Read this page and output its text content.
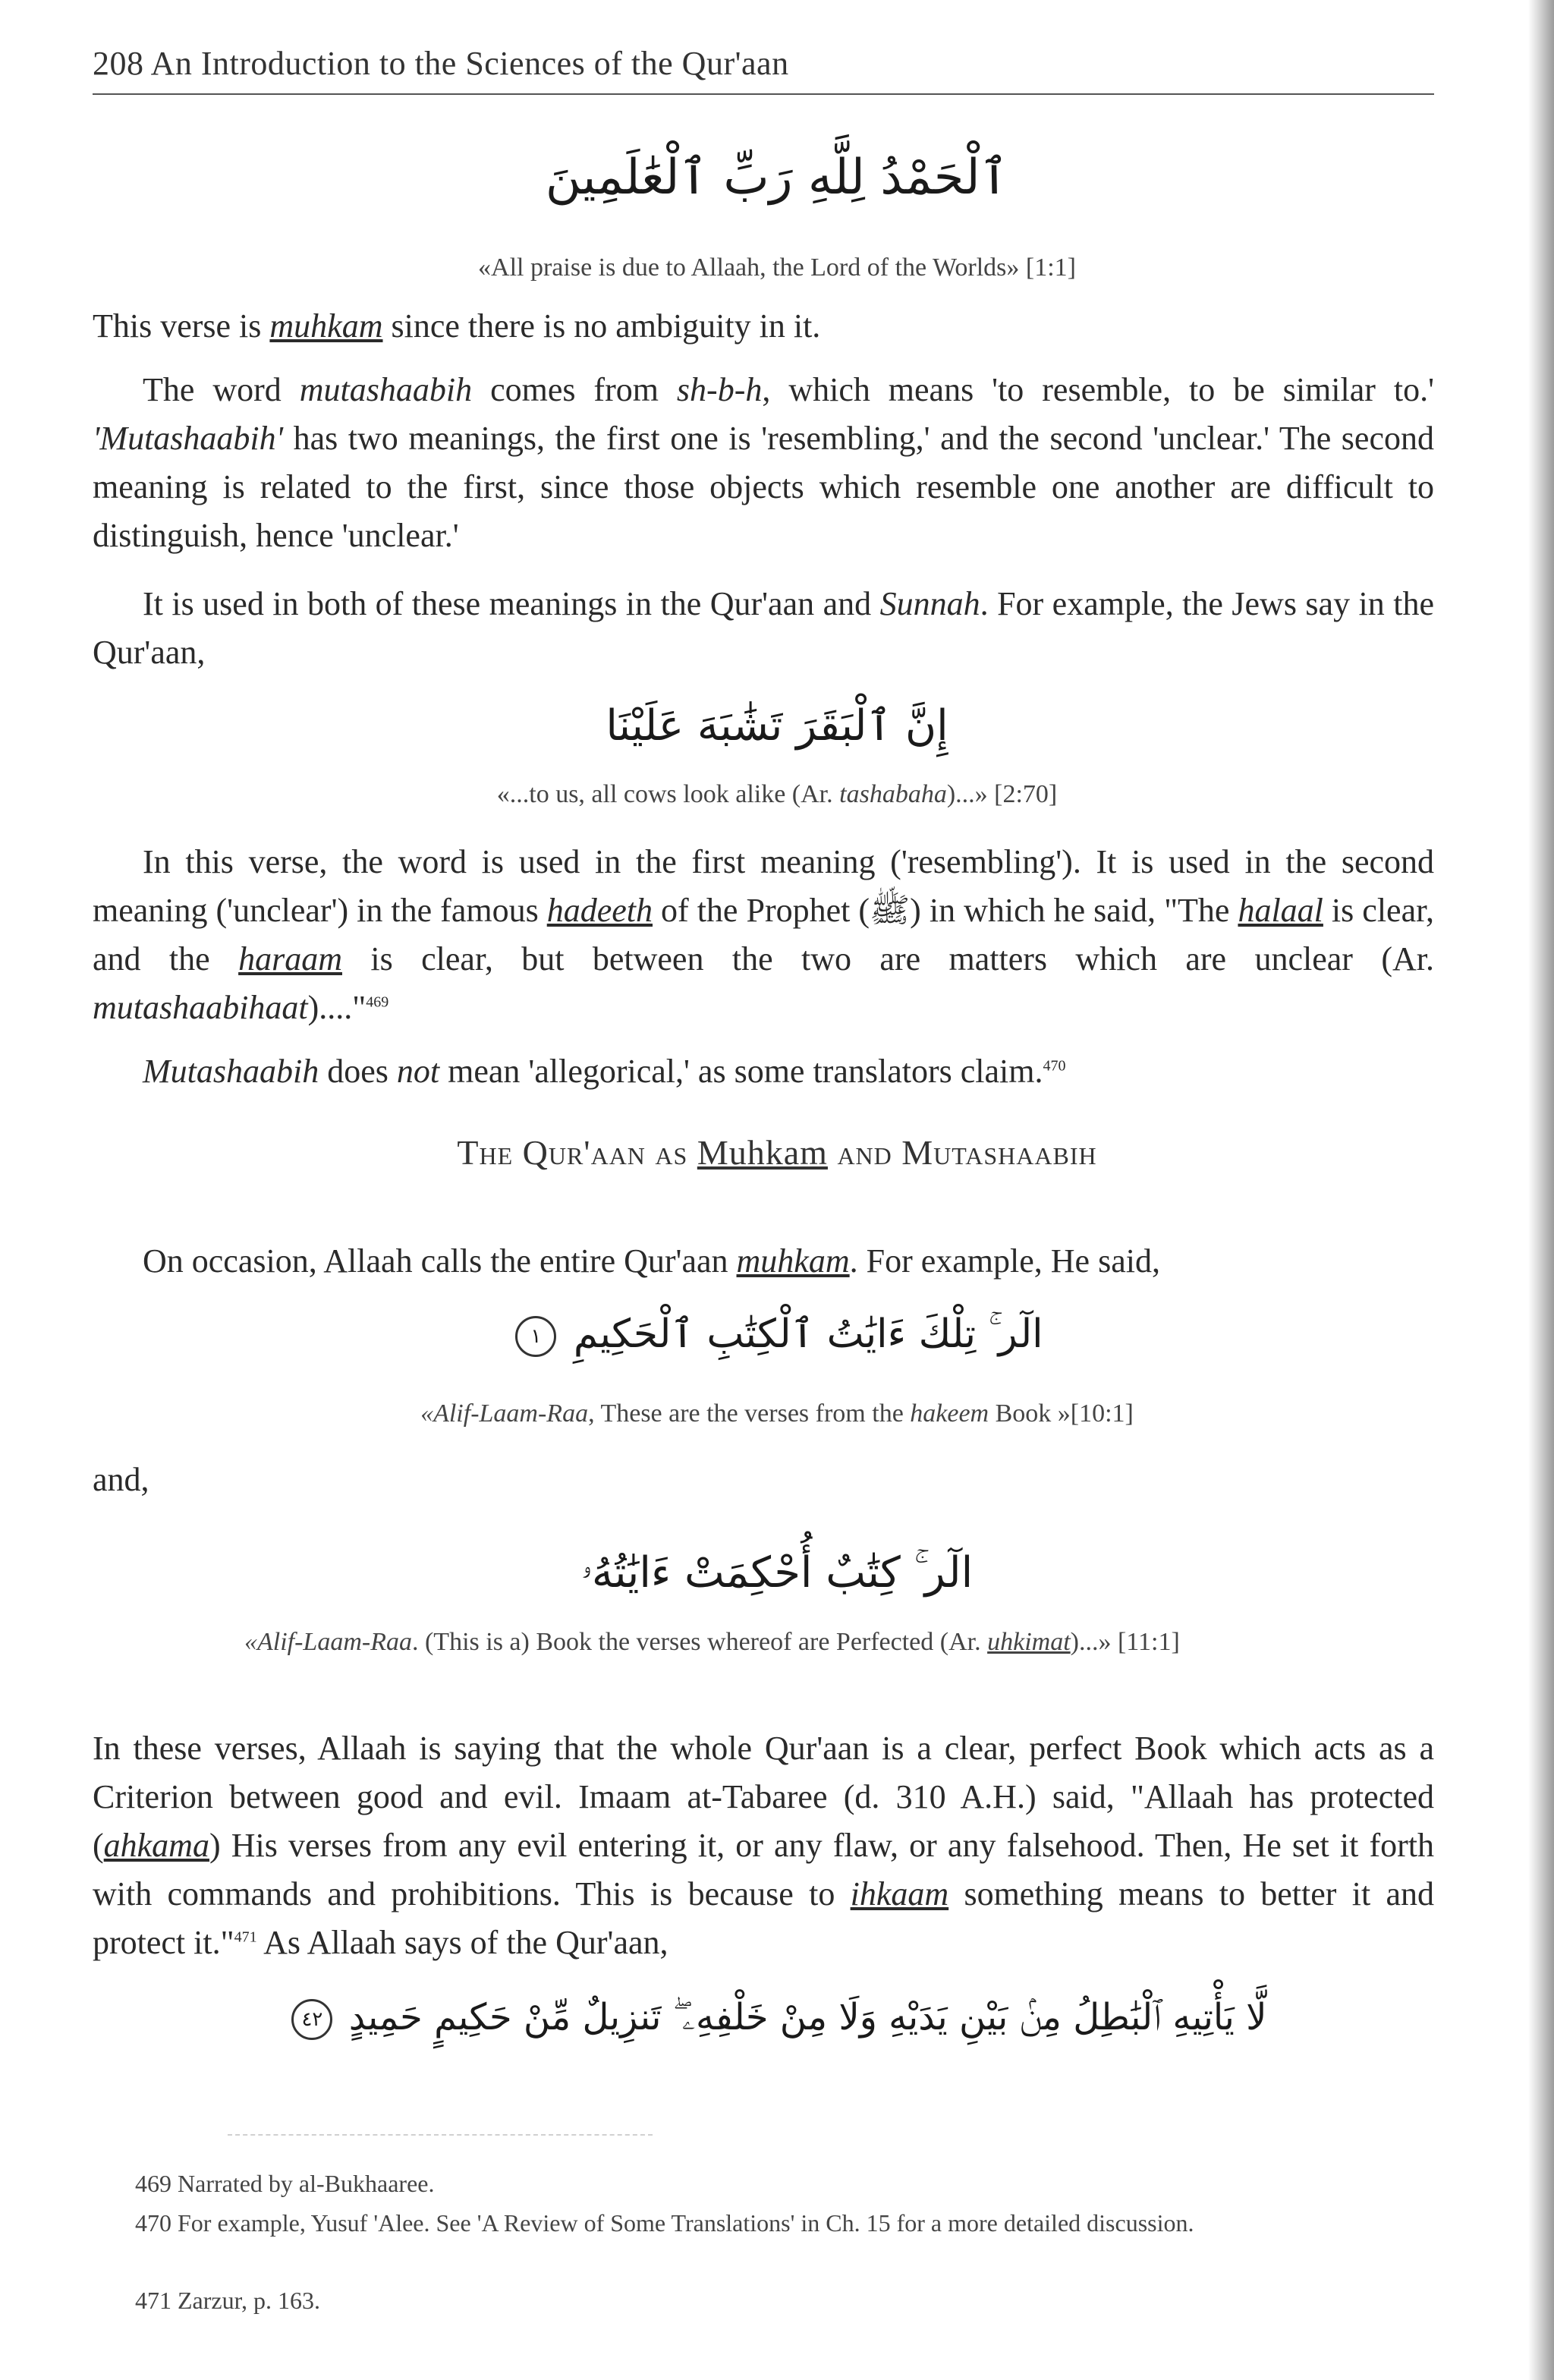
208 An Introduction to the Sciences of the Qur'aan
ٱلْحَمْدُ لِلَّهِ رَبِّ ٱلْعَٰلَمِينَ
«All praise is due to Allaah, the Lord of the Worlds» [1:1]
This verse is muhkam since there is no ambiguity in it.
The word mutashaabih comes from sh-b-h, which means 'to resemble, to be similar to.' 'Mutashaabih' has two meanings, the first one is 'resembling,' and the second 'unclear.' The second meaning is related to the first, since those objects which resemble one another are difficult to distinguish, hence 'unclear.'
It is used in both of these meanings in the Qur'aan and Sunnah. For example, the Jews say in the Qur'aan,
إِنَّ ٱلْبَقَرَ تَشَٰبَهَ عَلَيْنَا
«...to us, all cows look alike (Ar. tashabaha)...» [2:70]
In this verse, the word is used in the first meaning ('resembling'). It is used in the second meaning ('unclear') in the famous hadeeth of the Prophet (ﷺ) in which he said, "The halaal is clear, and the haraam is clear, but between the two are matters which are unclear (Ar. mutashaabihaat)...."$^{469}$
Mutashaabih does not mean 'allegorical,' as some translators claim.$^{470}$
The Qur'aan as Muhkam and Mutashaabih
On occasion, Allaah calls the entire Qur'aan muhkam. For example, He said,
الٓر ۚ تِلْكَ ءَايَٰتُ ٱلْكِتَٰبِ ٱلْحَكِيمِ ١
«Alif-Laam-Raa, These are the verses from the hakeem Book »[10:1]
and,
الٓر ۚ كِتَٰبٌ أُحْكِمَتْ ءَايَٰتُهُۥ
«Alif-Laam-Raa. (This is a) Book the verses whereof are Perfected (Ar. uhkimat)...» [11:1]
In these verses, Allaah is saying that the whole Qur'aan is a clear, perfect Book which acts as a Criterion between good and evil. Imaam at-Tabaree (d. 310 A.H.) said, "Allaah has protected (ahkama) His verses from any evil entering it, or any flaw, or any falsehood. Then, He set it forth with commands and prohibitions. This is because to ihkaam something means to better it and protect it."$^{471}$ As Allaah says of the Qur'aan,
لَّا يَأْتِيهِ ٱلْبَٰطِلُ مِنۢ بَيْنِ يَدَيْهِ وَلَا مِنْ خَلْفِهِۦ ۖ تَنزِيلٌ مِّنْ حَكِيمٍ حَمِيدٍ ٤٢
469 Narrated by al-Bukhaaree.
470 For example, Yusuf 'Alee. See 'A Review of Some Translations' in Ch. 15 for a more detailed discussion.
471 Zarzur, p. 163.
